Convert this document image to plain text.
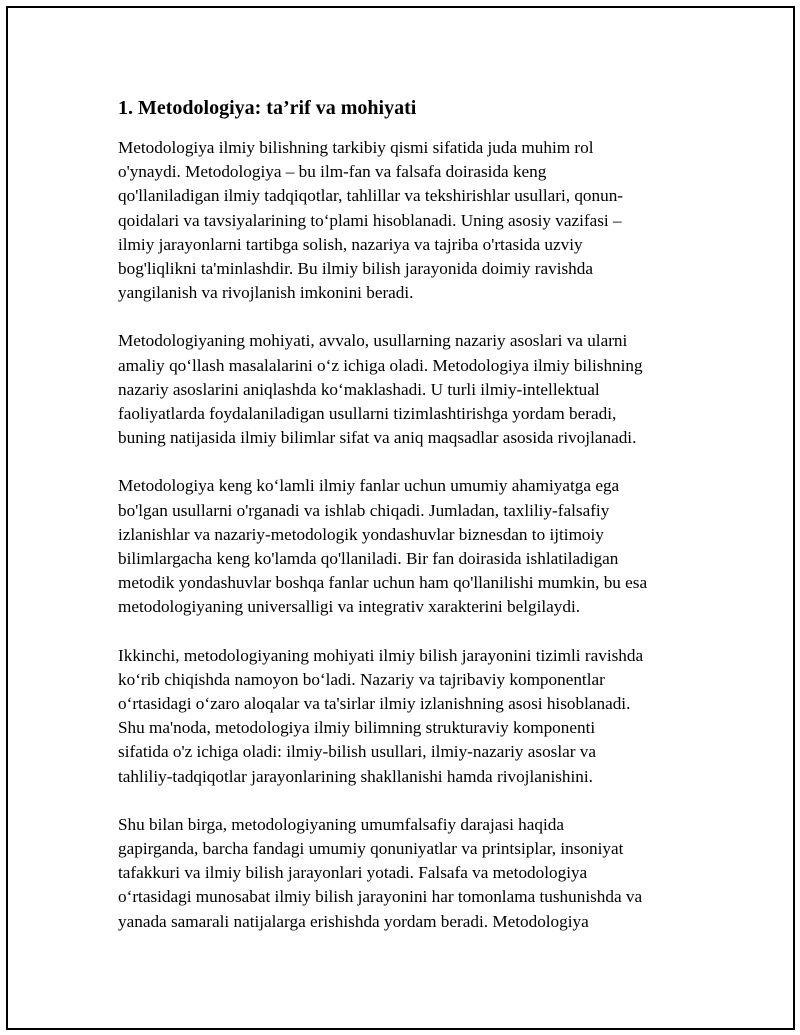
1. Metodologiya: ta’rif va mohiyati

Metodologiya ilmiy bilishning tarkibiy qismi sifatida juda muhim rol
o'ynaydi. Metodologiya – bu ilm-fan va falsafa doirasida keng
qo'llaniladigan ilmiy tadqiqotlar, tahlillar va tekshirishlar usullari, qonun-
qoidalari va tavsiyalarining to‘plami hisoblanadi. Uning asosiy vazifasi –
ilmiy jarayonlarni tartibga solish, nazariya va tajriba o'rtasida uzviy
bog'liqlikni ta'minlashdir. Bu ilmiy bilish jarayonida doimiy ravishda
yangilanish va rivojlanish imkonini beradi.

Metodologiyaning mohiyati, avvalo, usullarning nazariy asoslari va ularni
amaliy qo‘llash masalalarini o‘z ichiga oladi. Metodologiya ilmiy bilishning
nazariy asoslarini aniqlashda ko‘maklashadi. U turli ilmiy-intellektual
faoliyatlarda foydalaniladigan usullarni tizimlashtirishga yordam beradi,
buning natijasida ilmiy bilimlar sifat va aniq maqsadlar asosida rivojlanadi.

Metodologiya keng ko‘lamli ilmiy fanlar uchun umumiy ahamiyatga ega
bo'lgan usullarni o'rganadi va ishlab chiqadi. Jumladan, taxliliy-falsafiy
izlanishlar va nazariy-metodologik yondashuvlar biznesdan to ijtimoiy
bilimlargacha keng ko'lamda qo'llaniladi. Bir fan doirasida ishlatiladigan
metodik yondashuvlar boshqa fanlar uchun ham qo'llanilishi mumkin, bu esa
metodologiyaning universalligi va integrativ xarakterini belgilaydi.

Ikkinchi, metodologiyaning mohiyati ilmiy bilish jarayonini tizimli ravishda
ko‘rib chiqishda namoyon bo‘ladi. Nazariy va tajribaviy komponentlar
o‘rtasidagi o‘zaro aloqalar va ta'sirlar ilmiy izlanishning asosi hisoblanadi.
Shu ma'noda, metodologiya ilmiy bilimning strukturaviy komponenti
sifatida o'z ichiga oladi: ilmiy-bilish usullari, ilmiy-nazariy asoslar va
tahliliy-tadqiqotlar jarayonlarining shakllanishi hamda rivojlanishini.

Shu bilan birga, metodologiyaning umumfalsafiy darajasi haqida
gapirganda, barcha fandagi umumiy qonuniyatlar va printsiplar, insoniyat
tafakkuri va ilmiy bilish jarayonlari yotadi. Falsafa va metodologiya
o‘rtasidagi munosabat ilmiy bilish jarayonini har tomonlama tushunishda va
yanada samarali natijalarga erishishda yordam beradi. Metodologiya
